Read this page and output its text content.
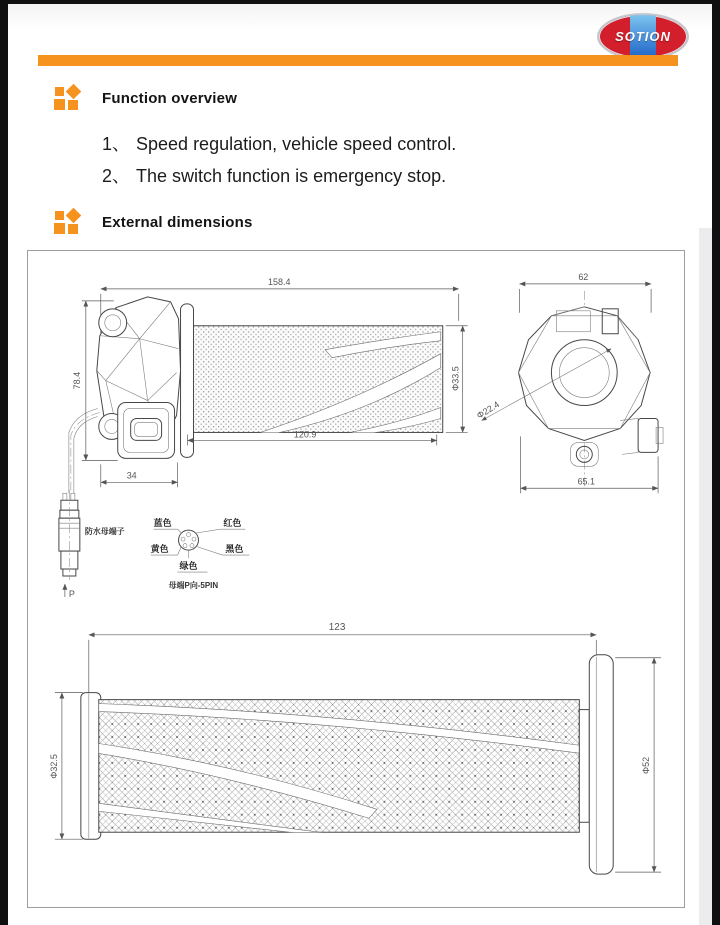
SOTION
Function overview
1、 Speed regulation, vehicle speed control.
2、 The switch function is emergency stop.
External dimensions
158.4
防水母端子
P
78.4
34
Φ33.5
120.9
62
Φ22.4
65.1
蓝色	红色
黄色	黑色
绿色
母端P向-5PIN
123
Φ52
Φ32.5
